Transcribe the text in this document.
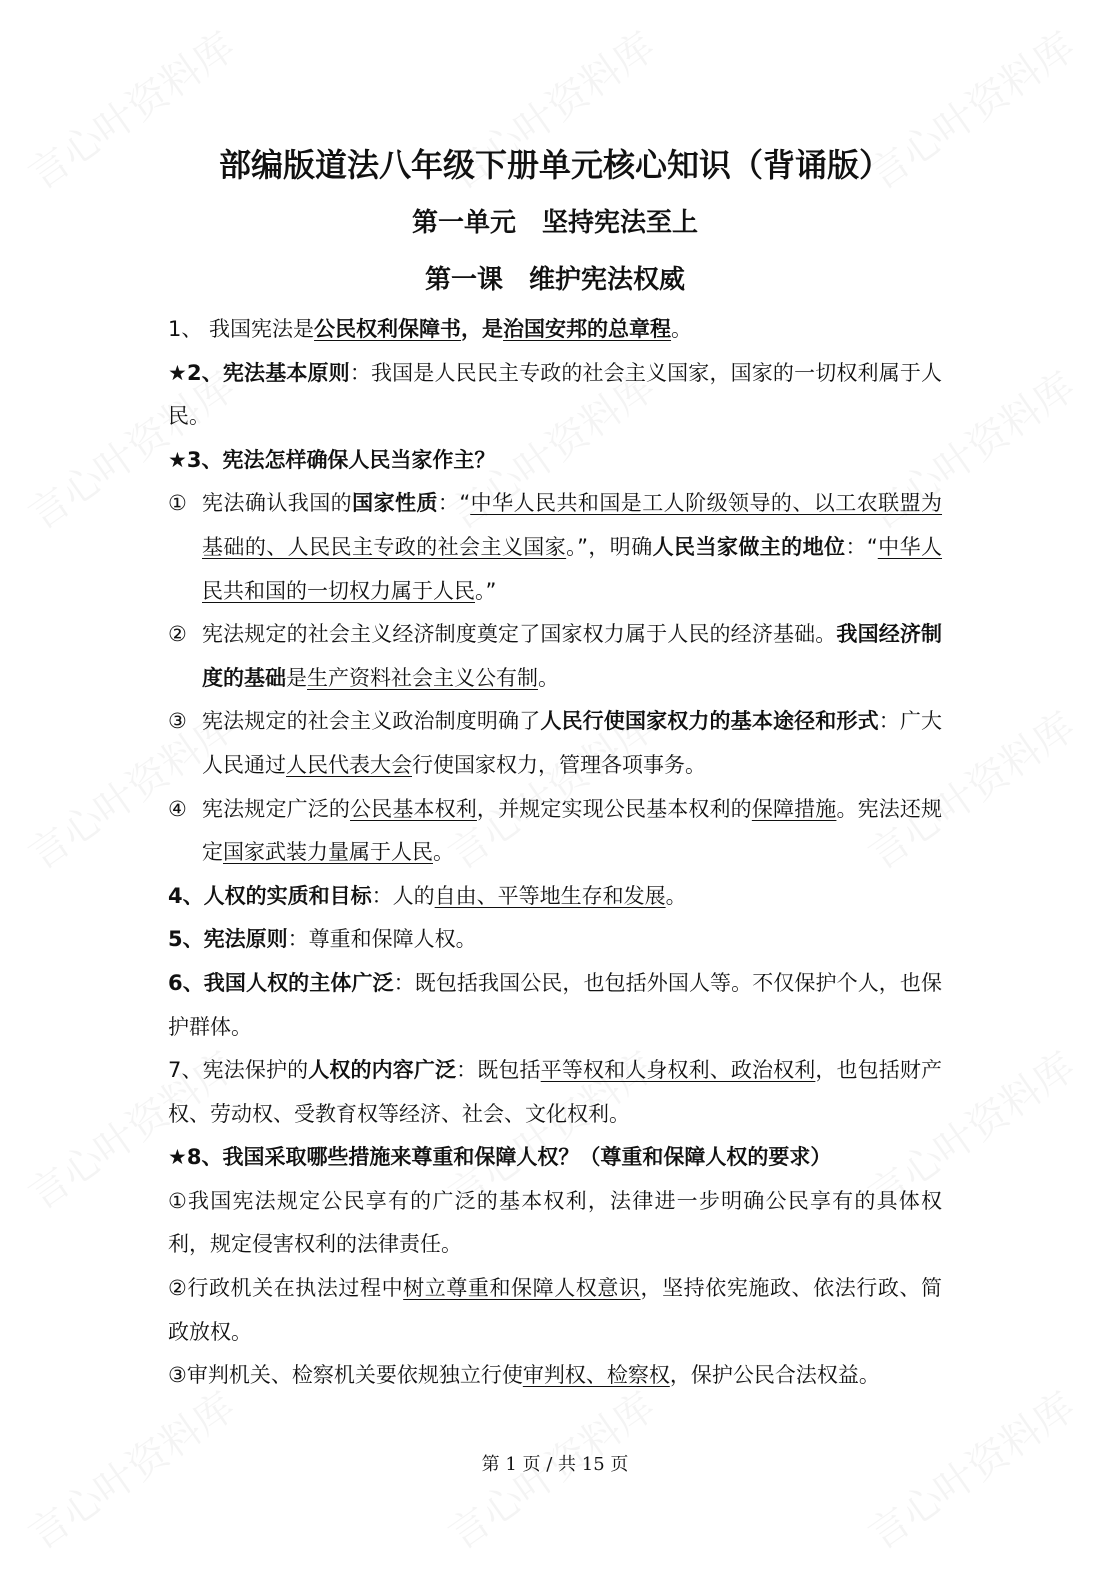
部编版道法八年级下册单元核心知识（背诵版）
第一单元　坚持宪法至上
第一课　维护宪法权威
1、 我国宪法是公民权利保障书，是治国安邦的总章程。
★2、宪法基本原则：我国是人民民主专政的社会主义国家，国家的一切权利属于人民。
★3、宪法怎样确保人民当家作主？
① 宪法确认我国的国家性质：“中华人民共和国是工人阶级领导的、以工农联盟为基础的、人民民主专政的社会主义国家。”，明确人民当家做主的地位：“中华人民共和国的一切权力属于人民。”
② 宪法规定的社会主义经济制度奠定了国家权力属于人民的经济基础。我国经济制度的基础是生产资料社会主义公有制。
③ 宪法规定的社会主义政治制度明确了人民行使国家权力的基本途径和形式：广大人民通过人民代表大会行使国家权力，管理各项事务。
④ 宪法规定广泛的公民基本权利，并规定实现公民基本权利的保障措施。宪法还规定国家武装力量属于人民。
4、人权的实质和目标：人的自由、平等地生存和发展。
5、宪法原则：尊重和保障人权。
6、我国人权的主体广泛：既包括我国公民，也包括外国人等。不仅保护个人，也保护群体。
7、宪法保护的人权的内容广泛：既包括平等权和人身权利、政治权利，也包括财产权、劳动权、受教育权等经济、社会、文化权利。
★8、我国采取哪些措施来尊重和保障人权？（尊重和保障人权的要求）
①我国宪法规定公民享有的广泛的基本权利，法律进一步明确公民享有的具体权利，规定侵害权利的法律责任。
②行政机关在执法过程中树立尊重和保障人权意识，坚持依宪施政、依法行政、简政放权。
③审判机关、检察机关要依规独立行使审判权、检察权，保护公民合法权益。
第 1 页 / 共 15 页
